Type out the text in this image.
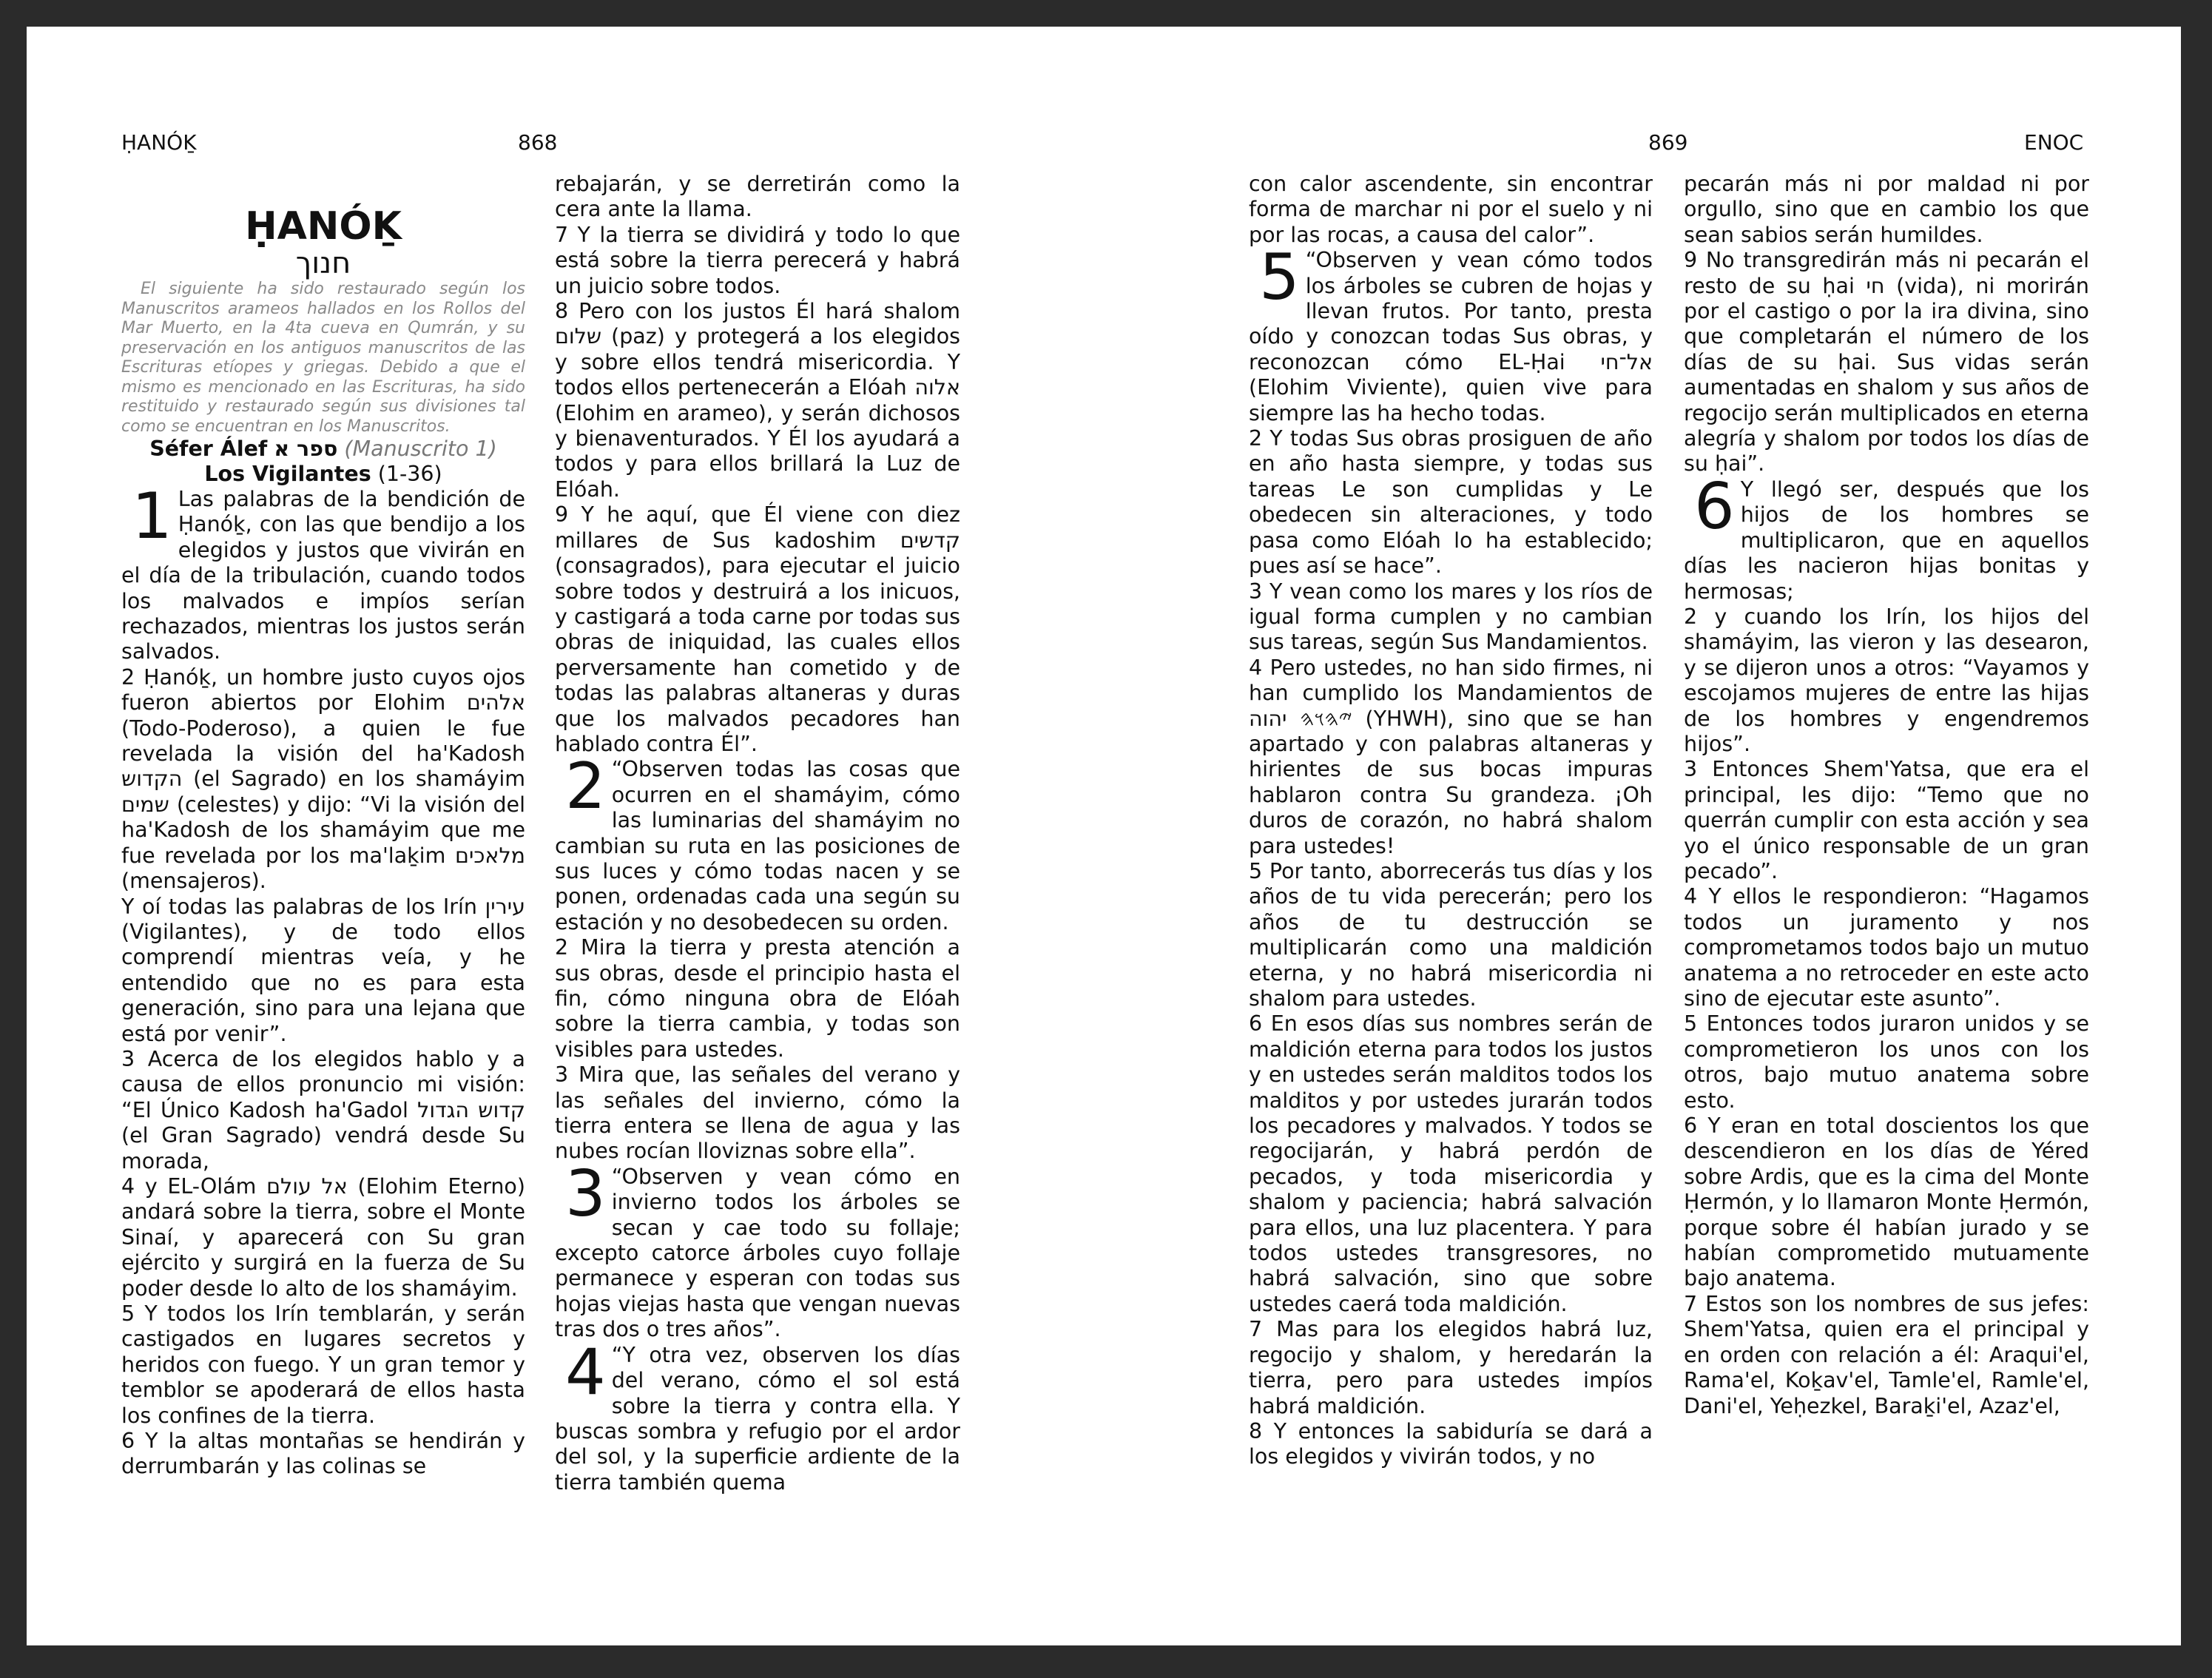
ḤANÓḴ	868	869	ENOC
ḤANÓḴ
חנוך

El siguiente ha sido restaurado según los Manuscritos arameos hallados en los Rollos del Mar Muerto, en la 4ta cueva en Qumrán, y su preservación en los antiguos manuscritos de las Escrituras etíopes y griegas. Debido a que el mismo es mencionado en las Escrituras, ha sido restituido y restaurado según sus divisiones tal como se encuentran en los Manuscritos.

Séfer Álef ספר א (Manuscrito 1)
Los Vigilantes (1-36)

1 Las palabras de la bendición de Ḥanóḵ, con las que bendijo a los elegidos y justos que vivirán en el día de la tribulación, cuando todos los malvados e impíos serían rechazados, mientras los justos serán salvados.

2 Ḥanóḵ, un hombre justo cuyos ojos fueron abiertos por Elohim אלהים (Todo-Poderoso), a quien le fue revelada la visión del ha'Kadosh הקדוש (el Sagrado) en los shamáyim שמים (celestes) y dijo: “Vi la visión del ha'Kadosh de los shamáyim que me fue revelada por los ma'laḵim מלאכים (mensajeros).

Y oí todas las palabras de los Irín עירין (Vigilantes), y de todo ellos comprendí mientras veía, y he entendido que no es para esta generación, sino para una lejana que está por venir”.

3 Acerca de los elegidos hablo y a causa de ellos pronuncio mi visión: “El Único Kadosh ha'Gadol קדוש הגדול (el Gran Sagrado) vendrá desde Su morada,

4 y EL-Olám אל עולם (Elohim Eterno) andará sobre la tierra, sobre el Monte Sinaí, y aparecerá con Su gran ejército y surgirá en la fuerza de Su poder desde lo alto de los shamáyim.

5 Y todos los Irín temblarán, y serán castigados en lugares secretos y heridos con fuego. Y un gran temor y temblor se apoderará de ellos hasta los confines de la tierra.

6 Y la altas montañas se hendirán y derrumbarán y las colinas se

rebajarán, y se derretirán como la cera ante la llama.

7 Y la tierra se dividirá y todo lo que está sobre la tierra perecerá y habrá un juicio sobre todos.

8 Pero con los justos Él hará shalom שלום (paz) y protegerá a los elegidos y sobre ellos tendrá misericordia. Y todos ellos pertenecerán a Elóah אלוה (Elohim en arameo), y serán dichosos y bienaventurados. Y Él los ayudará a todos y para ellos brillará la Luz de Elóah.

9 Y he aquí, que Él viene con diez millares de Sus kadoshim קדשים (consagrados), para ejecutar el juicio sobre todos y destruirá a los inicuos, y castigará a toda carne por todas sus obras de iniquidad, las cuales ellos perversamente han cometido y de todas las palabras altaneras y duras que los malvados pecadores han hablado contra Él”.

2 “Observen todas las cosas que ocurren en el shamáyim, cómo las luminarias del shamáyim no cambian su ruta en las posiciones de sus luces y cómo todas nacen y se ponen, ordenadas cada una según su estación y no desobedecen su orden.

2 Mira la tierra y presta atención a sus obras, desde el principio hasta el fin, cómo ninguna obra de Elóah sobre la tierra cambia, y todas son visibles para ustedes.

3 Mira que, las señales del verano y las señales del invierno, cómo la tierra entera se llena de agua y las nubes rocían lloviznas sobre ella”.

3 “Observen y vean cómo en invierno todos los árboles se secan y cae todo su follaje; excepto catorce árboles cuyo follaje permanece y esperan con todas sus hojas viejas hasta que vengan nuevas tras dos o tres años”.

4 “Y otra vez, observen los días del verano, cómo el sol está sobre la tierra y contra ella. Y buscas sombra y refugio por el ardor del sol, y la superficie ardiente de la tierra también quema

con calor ascendente, sin encontrar forma de marchar ni por el suelo y ni por las rocas, a causa del calor”.

5 “Observen y vean cómo todos los árboles se cubren de hojas y llevan frutos. Por tanto, presta oído y conozcan todas Sus obras, y reconozcan cómo EL-Ḥai אל־חי (Elohim Viviente), quien vive para siempre las ha hecho todas.

2 Y todas Sus obras prosiguen de año en año hasta siempre, y todas sus tareas Le son cumplidas y Le obedecen sin alteraciones, y todo pasa como Elóah lo ha establecido; pues así se hace”.

3 Y vean como los mares y los ríos de igual forma cumplen y no cambian sus tareas, según Sus Mandamientos.

4 Pero ustedes, no han sido firmes, ni han cumplido los Mandamientos de 𐤉𐤄𐤅𐤄 יהוה (YHWH), sino que se han apartado y con palabras altaneras y hirientes de sus bocas impuras hablaron contra Su grandeza. ¡Oh duros de corazón, no habrá shalom para ustedes!

5 Por tanto, aborrecerás tus días y los años de tu vida perecerán; pero los años de tu destrucción se multiplicarán como una maldición eterna, y no habrá misericordia ni shalom para ustedes.

6 En esos días sus nombres serán de maldición eterna para todos los justos y en ustedes serán malditos todos los malditos y por ustedes jurarán todos los pecadores y malvados. Y todos se regocijarán, y habrá perdón de pecados, y toda misericordia y shalom y paciencia; habrá salvación para ellos, una luz placentera. Y para todos ustedes transgresores, no habrá salvación, sino que sobre ustedes caerá toda maldición.

7 Mas para los elegidos habrá luz, regocijo y shalom, y heredarán la tierra, pero para ustedes impíos habrá maldición.

8 Y entonces la sabiduría se dará a los elegidos y vivirán todos, y no

pecarán más ni por maldad ni por orgullo, sino que en cambio los que sean sabios serán humildes.

9 No transgredirán más ni pecarán el resto de su ḥai חי (vida), ni morirán por el castigo o por la ira divina, sino que completarán el número de los días de su ḥai. Sus vidas serán aumentadas en shalom y sus años de regocijo serán multiplicados en eterna alegría y shalom por todos los días de su ḥai”.

6 Y llegó ser, después que los hijos de los hombres se multiplicaron, que en aquellos días les nacieron hijas bonitas y hermosas;

2 y cuando los Irín, los hijos del shamáyim, las vieron y las desearon, y se dijeron unos a otros: “Vayamos y escojamos mujeres de entre las hijas de los hombres y engendremos hijos”.

3 Entonces Shem'Yatsa, que era el principal, les dijo: “Temo que no querrán cumplir con esta acción y sea yo el único responsable de un gran pecado”.

4 Y ellos le respondieron: “Hagamos todos un juramento y nos comprometamos todos bajo un mutuo anatema a no retroceder en este acto sino de ejecutar este asunto”.

5 Entonces todos juraron unidos y se comprometieron los unos con los otros, bajo mutuo anatema sobre esto.

6 Y eran en total doscientos los que descendieron en los días de Yéred sobre Ardis, que es la cima del Monte Ḥermón, y lo llamaron Monte Ḥermón, porque sobre él habían jurado y se habían comprometido mutuamente bajo anatema.

7 Estos son los nombres de sus jefes: Shem'Yatsa, quien era el principal y en orden con relación a él: Araqui'el, Rama'el, Koḵav'el, Tamle'el, Ramle'el, Dani'el, Yeḥezkel, Baraḵi'el, Azaz'el,
